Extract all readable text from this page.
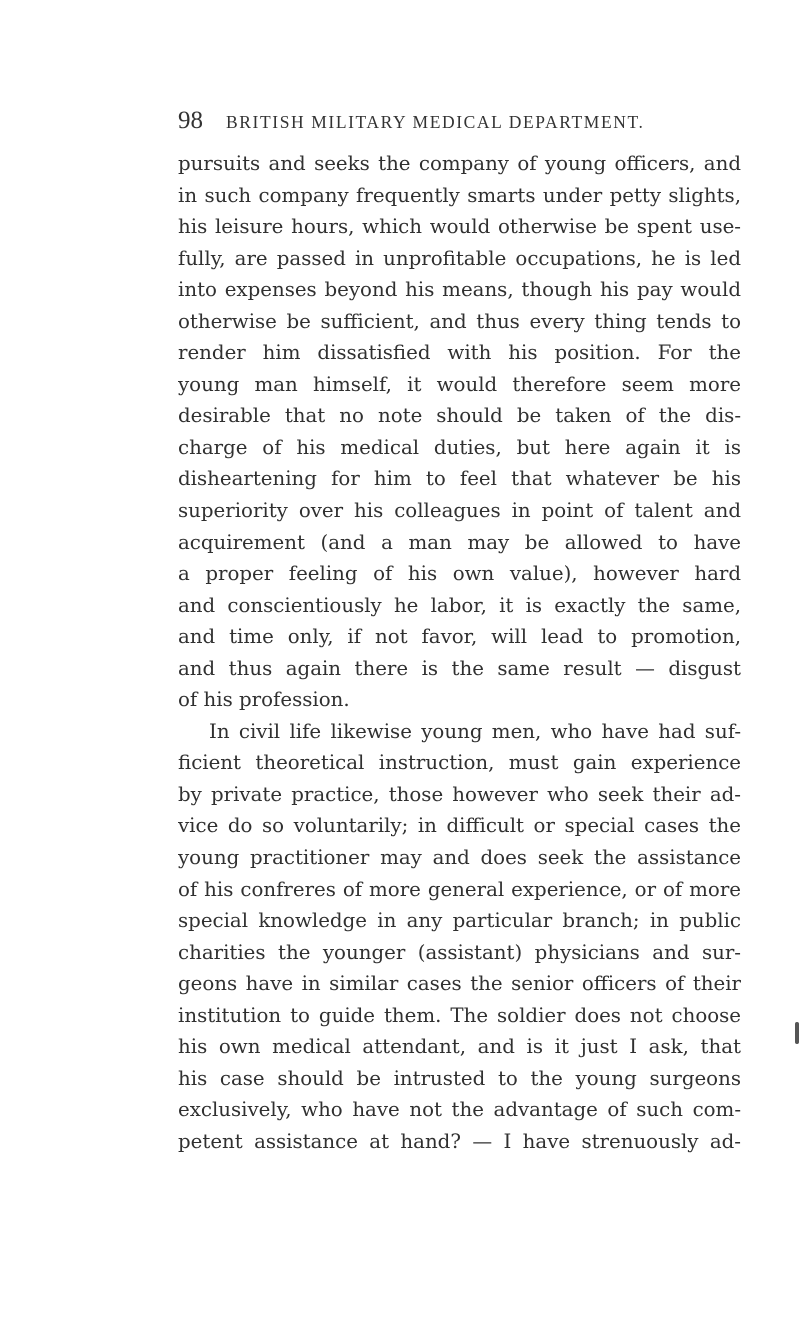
98 BRITISH MILITARY MEDICAL DEPARTMENT.
pursuits and seeks the company of young officers, and
in such company frequently smarts under petty slights,
his leisure hours, which would otherwise be spent use-
fully, are passed in unprofitable occupations, he is led
into expenses beyond his means, though his pay would
otherwise be sufficient, and thus every thing tends to
render him dissatisfied with his position. For the
young man himself, it would therefore seem more
desirable that no note should be taken of the dis-
charge of his medical duties, but here again it is
disheartening for him to feel that whatever be his
superiority over his colleagues in point of talent and
acquirement (and a man may be allowed to have
a proper feeling of his own value), however hard
and conscientiously he labor, it is exactly the same,
and time only, if not favor, will lead to promotion,
and thus again there is the same result — disgust
of his profession.
In civil life likewise young men, who have had suf-
ficient theoretical instruction, must gain experience
by private practice, those however who seek their ad-
vice do so voluntarily; in difficult or special cases the
young practitioner may and does seek the assistance
of his confreres of more general experience, or of more
special knowledge in any particular branch; in public
charities the younger (assistant) physicians and sur-
geons have in similar cases the senior officers of their
institution to guide them. The soldier does not choose
his own medical attendant, and is it just I ask, that
his case should be intrusted to the young surgeons
exclusively, who have not the advantage of such com-
petent assistance at hand? — I have strenuously ad-
